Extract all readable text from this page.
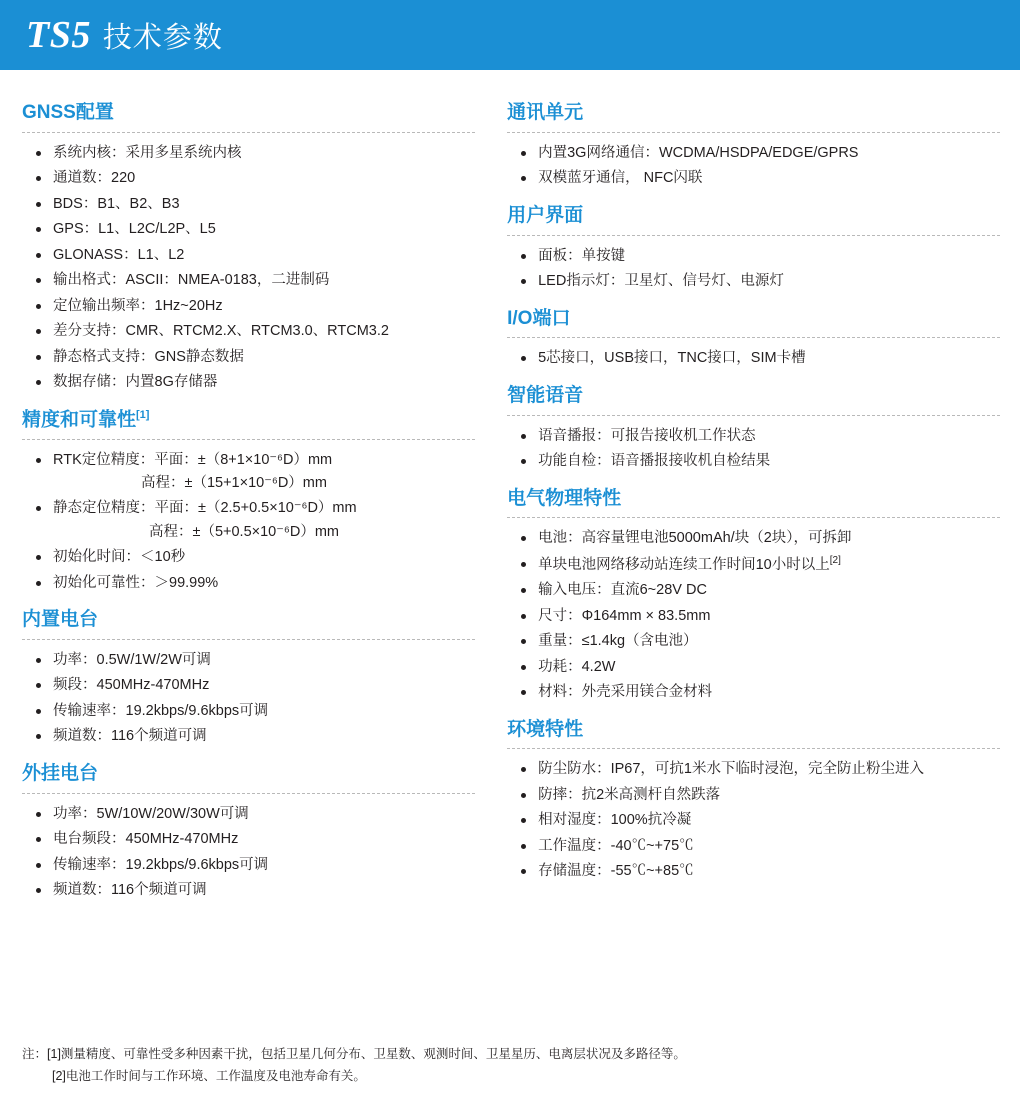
TS5 技术参数
GNSS配置
系统内核：采用多星系统内核
通道数：220
BDS：B1、B2、B3
GPS：L1、L2C/L2P、L5
GLONASS：L1、L2
输出格式：ASCII：NMEA-0183，二进制码
定位输出频率：1Hz~20Hz
差分支持：CMR、RTCM2.X、RTCM3.0、RTCM3.2
静态格式支持：GNS静态数据
数据存储：内置8G存储器
精度和可靠性[1]
RTK定位精度：平面：±（8+1×10⁻⁶D）mm
高程：±（15+1×10⁻⁶D）mm
静态定位精度：平面：±（2.5+0.5×10⁻⁶D）mm
高程：±（5+0.5×10⁻⁶D）mm
初始化时间：＜10秒
初始化可靠性：＞99.99%
内置电台
功率：0.5W/1W/2W可调
频段：450MHz-470MHz
传输速率：19.2kbps/9.6kbps可调
频道数：116个频道可调
外挂电台
功率：5W/10W/20W/30W可调
电台频段：450MHz-470MHz
传输速率：19.2kbps/9.6kbps可调
频道数：116个频道可调
通讯单元
内置3G网络通信：WCDMA/HSDPA/EDGE/GPRS
双模蓝牙通信， NFC闪联
用户界面
面板：单按键
LED指示灯：卫星灯、信号灯、电源灯
I/O端口
5芯接口，USB接口，TNC接口，SIM卡槽
智能语音
语音播报：可报告接收机工作状态
功能自检：语音播报接收机自检结果
电气物理特性
电池：高容量锂电池5000mAh/块（2块），可拆卸
单块电池网络移动站连续工作时间10小时以上[2]
输入电压：直流6~28V DC
尺寸：Φ164mm × 83.5mm
重量：≤1.4kg（含电池）
功耗：4.2W
材料：外壳采用镁合金材料
环境特性
防尘防水：IP67，可抗1米水下临时浸泡，完全防止粉尘进入
防摔：抗2米高测杆自然跌落
相对湿度：100%抗冷凝
工作温度：-40℃~+75℃
存储温度：-55℃~+85℃
注：[1]测量精度、可靠性受多种因素干扰，包括卫星几何分布、卫星数、观测时间、卫星星历、电离层状况及多路径等。
[2]电池工作时间与工作环境、工作温度及电池寿命有关。
